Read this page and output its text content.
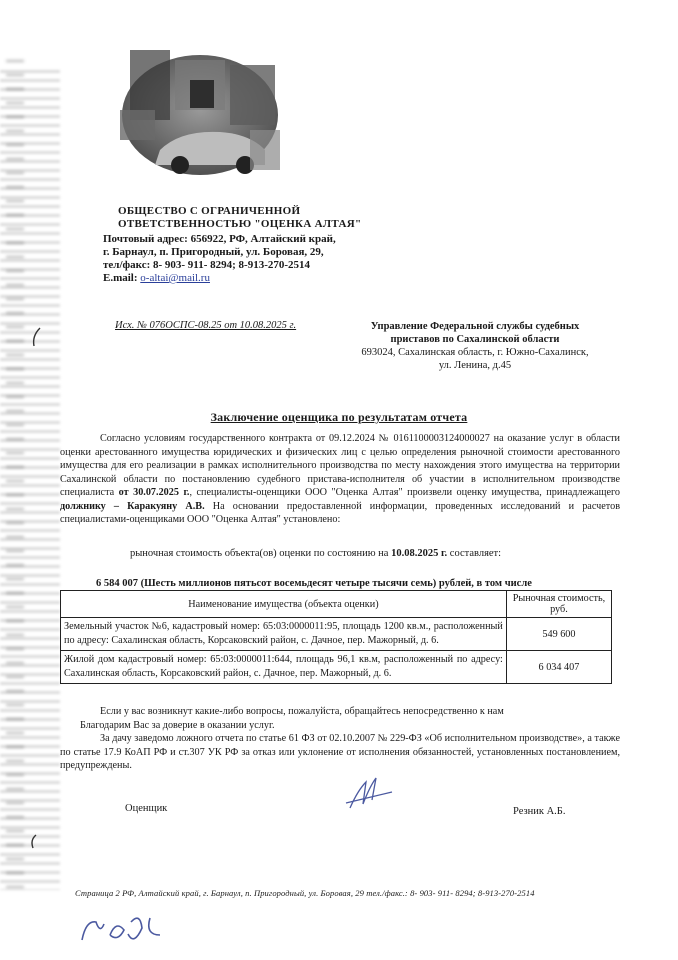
ОБЩЕСТВО С ОГРАНИЧЕННОЙ
ОТВЕТСТВЕННОСТЬЮ "ОЦЕНКА АЛТАЯ"
Почтовый адрес: 656922, РФ, Алтайский край,
г. Барнаул, п. Пригородный, ул. Боровая, 29,
тел/факс: 8- 903- 911- 8294; 8-913-270-2514
E.mail: o-altai@mail.ru
Исх. № 076ОСПС-08.25 от 10.08.2025 г.	Управление Федеральной службы судебных
приставов по Сахалинской области
693024, Сахалинская область, г. Южно-Сахалинск,
ул. Ленина, д.45
Заключение оценщика по результатам отчета
Согласно условиям государственного контракта от 09.12.2024 № 0161100003124000027 на оказание услуг в области оценки арестованного имущества юридических и физических лиц с целью определения рыночной стоимости арестованного имущества для его реализации в рамках исполнительного производства по месту нахождения этого имущества на территории Сахалинской области по постановлению судебного пристава-исполнителя об участии в исполнительном производстве специалиста от 30.07.2025 г., специалисты-оценщики ООО "Оценка Алтая" произвели оценку имущества, принадлежащего должнику – Каракуяну А.В. На основании предоставленной информации, проведенных исследований и расчетов специалистами-оценщиками ООО "Оценка Алтая" установлено:
рыночная стоимость объекта(ов) оценки по состоянию на 10.08.2025 г. составляет:
6 584 007 (Шесть миллионов пятьсот восемьдесят четыре тысячи семь) рублей, в том числе
Наименование имущества (объекта оценки)	Рыночная стоимость, руб.
Земельный участок №6, кадастровый номер: 65:03:0000011:95, площадь 1200 кв.м., расположенный по адресу: Сахалинская область, Корсаковский район, с. Дачное, пер. Мажорный, д. 6.	549 600
Жилой дом кадастровый номер: 65:03:0000011:644, площадь 96,1 кв.м, расположенный по адресу: Сахалинская область, Корсаковский район, с. Дачное, пер. Мажорный, д. 6.	6 034 407

Если у вас возникнут какие-либо вопросы, пожалуйста, обращайтесь непосредственно к нам

Благодарим Вас за доверие в оказании услуг.

За дачу заведомо ложного отчета по статье 61 ФЗ от 02.10.2007 № 229-ФЗ «Об исполнительном производстве», а также по статье 17.9 КоАП РФ и ст.307 УК РФ за отказ или уклонение от исполнения обязанностей, установленных постановлением, предупреждены.

Оценщик	Резник А.Б.
Страница 2 РФ, Алтайский край, г. Барнаул, п. Пригородный, ул. Боровая, 29 тел./факс.: 8- 903- 911- 8294; 8-913-270-2514
